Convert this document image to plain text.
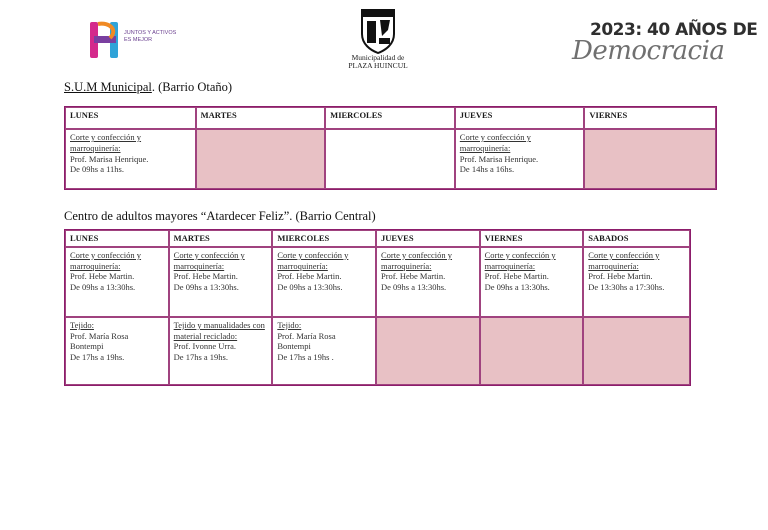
JUNTOS Y ACTIVOS ES MEJOR
Municipalidad de
PLAZA HUINCUL
2023: 40 AÑOS DE
Democracia
S.U.M Municipal. (Barrio Otaño)
LUNES	MARTES	MIERCOLES	JUEVES	VIERNES

Corte y confección y marroquinería:
Prof. Marisa Henrique.
De 09hs a 11hs.			Corte y confección y marroquinería:
Prof. Marisa Henrique.
De 14hs a 16hs.	

Centro de adultos mayores “Atardecer Feliz”. (Barrio Central)
LUNES	MARTES	MIERCOLES	JUEVES	VIERNES	SABADOS

Corte y confección y marroquinería:
Prof. Hebe Martin.
De 09hs a 13:30hs.	Corte y confección y marroquinería:
Prof. Hebe Martin.
De 09hs a 13:30hs.	Corte y confección y marroquinería:
Prof. Hebe Martin.
De 09hs a 13:30hs.	Corte y confección y marroquinería:
Prof. Hebe Martin.
De 09hs a 13:30hs.	Corte y confección y marroquinería:
Prof. Hebe Martin.
De 09hs a 13:30hs.	Corte y confección y marroquinería:
Prof. Hebe Martin.
De 13:30hs a 17:30hs.

Tejido:
Prof. María Rosa Bontempi
De 17hs a 19hs.	Tejido y manualidades con material reciclado:
Prof. Ivonne Urra.
De 17hs a 19hs.	Tejido:
Prof. María Rosa Bontempi
De 17hs a 19hs .			
